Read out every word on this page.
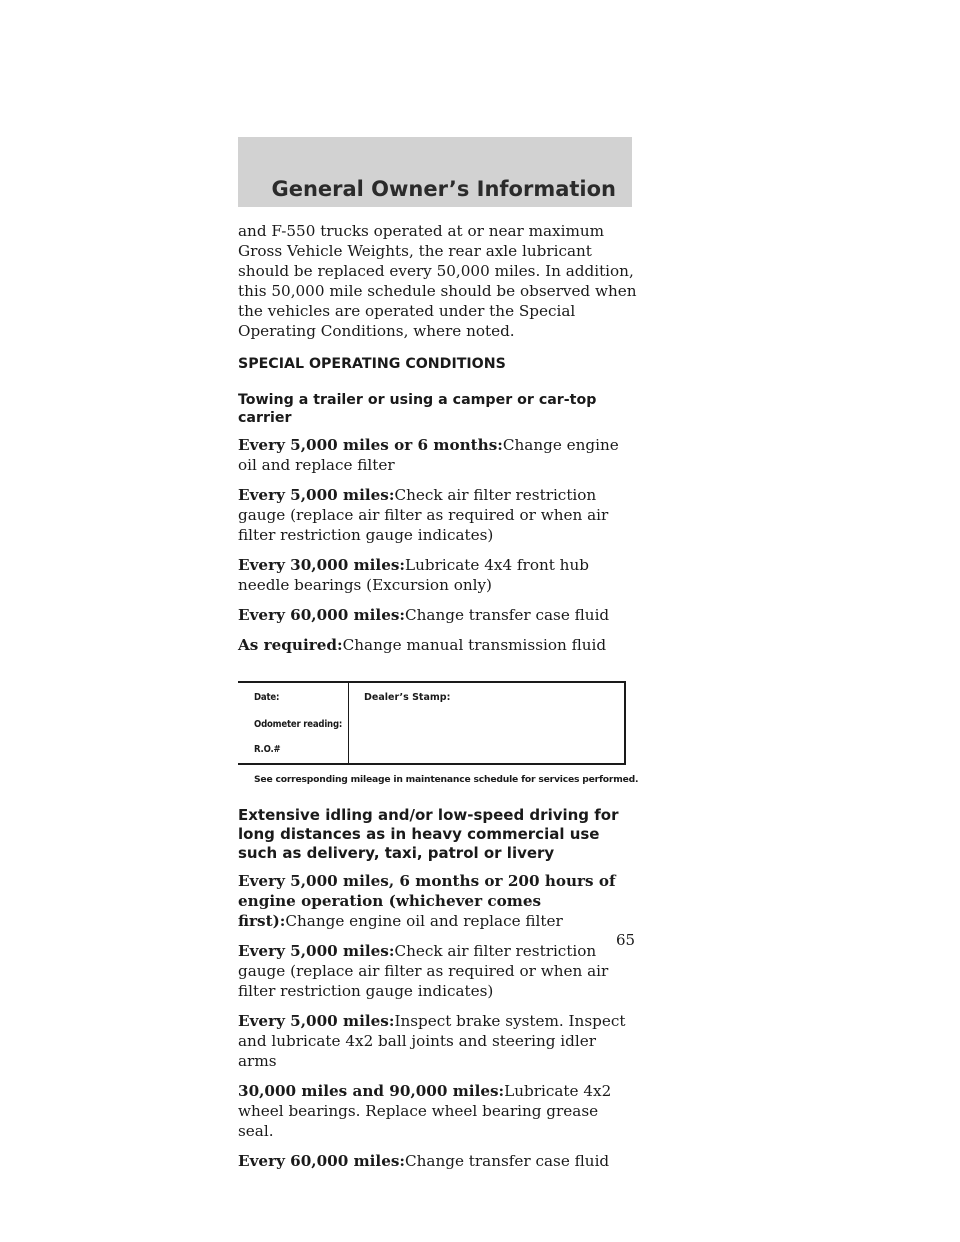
General Owner’s Information

and F-550 trucks operated at or near maximum Gross Vehicle Weights, the rear axle lubricant should be replaced every 50,000 miles. In addition, this 50,000 mile schedule should be observed when the vehicles are operated under the Special Operating Conditions, where noted.

SPECIAL OPERATING CONDITIONS
Towing a trailer or using a camper or car-top carrier

Every 5,000 miles or 6 months:Change engine oil and replace filter

Every 5,000 miles:Check air filter restriction gauge (replace air filter as required or when air filter restriction gauge indicates)

Every 30,000 miles:Lubricate 4x4 front hub needle bearings (Excursion only)

Every 60,000 miles:Change transfer case fluid

As required:Change manual transmission fluid

Date:
Odometer reading:
R.O.#
Dealer’s Stamp:
See corresponding mileage in maintenance schedule for services performed.
Extensive idling and/or low-speed driving for long distances as in heavy commercial use such as delivery, taxi, patrol or livery

Every 5,000 miles, 6 months or 200 hours of engine operation (whichever comes first):Change engine oil and replace filter

Every 5,000 miles:Check air filter restriction gauge (replace air filter as required or when air filter restriction gauge indicates)

Every 5,000 miles:Inspect brake system. Inspect and lubricate 4x2 ball joints and steering idler arms

30,000 miles and 90,000 miles:Lubricate 4x2 wheel bearings. Replace wheel bearing grease seal.

Every 60,000 miles:Change transfer case fluid

65
